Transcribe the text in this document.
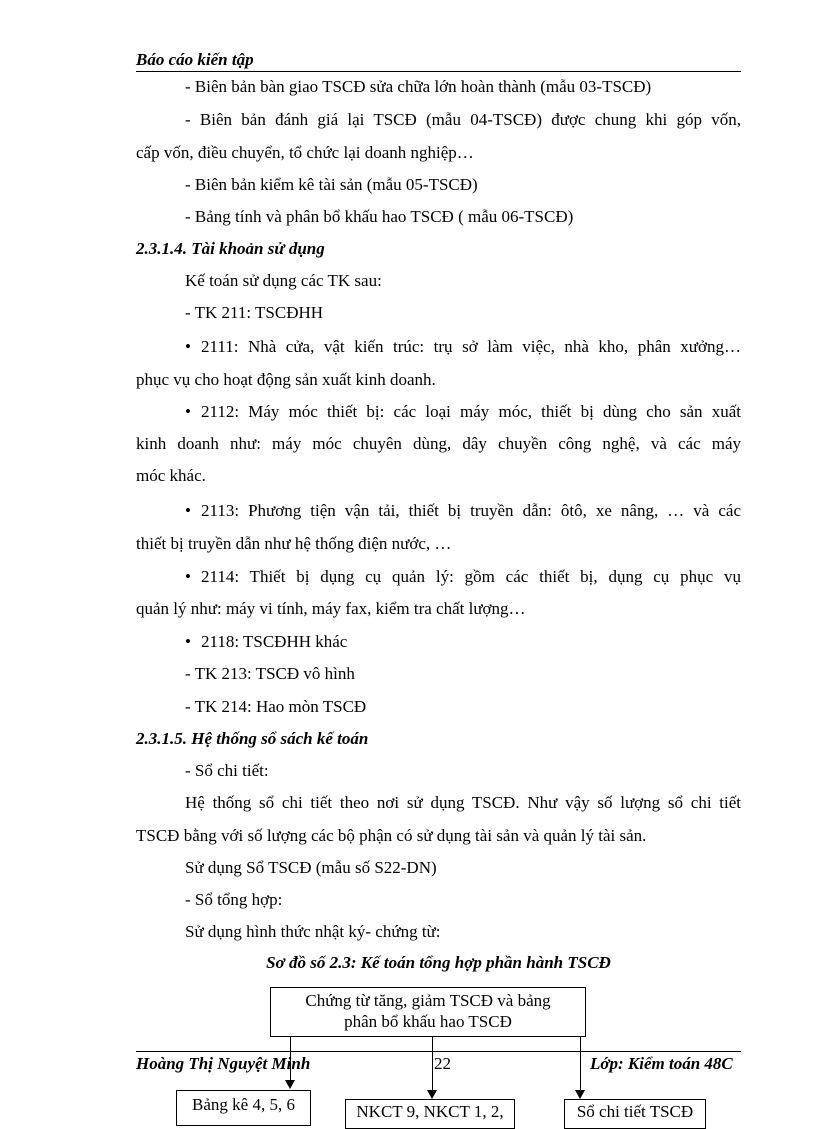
Báo cáo kiến tập
- Biên bản bàn giao TSCĐ sửa chữa lớn hoàn thành (mẫu 03-TSCĐ)
- Biên bản đánh giá lại TSCĐ (mẫu 04-TSCĐ) được chung khi góp vốn,
cấp vốn, điều chuyển, tổ chức lại doanh nghiệp…
- Biên bản kiểm kê tài sản (mẫu 05-TSCĐ)
- Bảng tính và phân bổ khấu hao TSCĐ ( mẫu 06-TSCĐ)
2.3.1.4. Tài khoản sử dụng
Kế toán sử dụng các TK sau:
- TK 211: TSCĐHH
• 2111: Nhà cửa, vật kiến trúc: trụ sở làm việc, nhà kho, phân xưởng…
phục vụ cho hoạt động sản xuất kinh doanh.
• 2112: Máy móc thiết bị: các loại máy móc, thiết bị dùng cho sản xuất
kinh doanh như: máy móc chuyên dùng, dây chuyền công nghệ, và các máy
móc khác.
• 2113: Phương tiện vận tải, thiết bị truyền dẫn: ôtô, xe nâng, … và các
thiết bị truyền dẫn như hệ thống điện nước, …
• 2114: Thiết bị dụng cụ quản lý: gồm các thiết bị, dụng cụ phục vụ
quản lý như: máy vi tính, máy fax, kiểm tra chất lượng…
• 2118: TSCĐHH khác
- TK 213: TSCĐ vô hình
- TK 214: Hao mòn TSCĐ
2.3.1.5. Hệ thống sổ sách kế toán
- Sổ chi tiết:
Hệ thống sổ chi tiết theo nơi sử dụng TSCĐ. Như vậy số lượng sổ chi tiết
TSCĐ bằng với số lượng các bộ phận có sử dụng tài sản và quản lý tài sản.
Sử dụng Sổ TSCĐ (mẫu số S22-DN)
- Sổ tổng hợp:
Sử dụng hình thức nhật ký- chứng từ:
Sơ đồ số 2.3: Kế toán tổng hợp phần hành TSCĐ
Chứng từ tăng, giảm TSCĐ và bảng
phân bổ khấu hao TSCĐ
Hoàng Thị Nguyệt Minh	22	Lớp: Kiểm toán 48C
Bảng kê 4, 5, 6	NKCT 9, NKCT 1, 2,	Sổ chi tiết TSCĐ
